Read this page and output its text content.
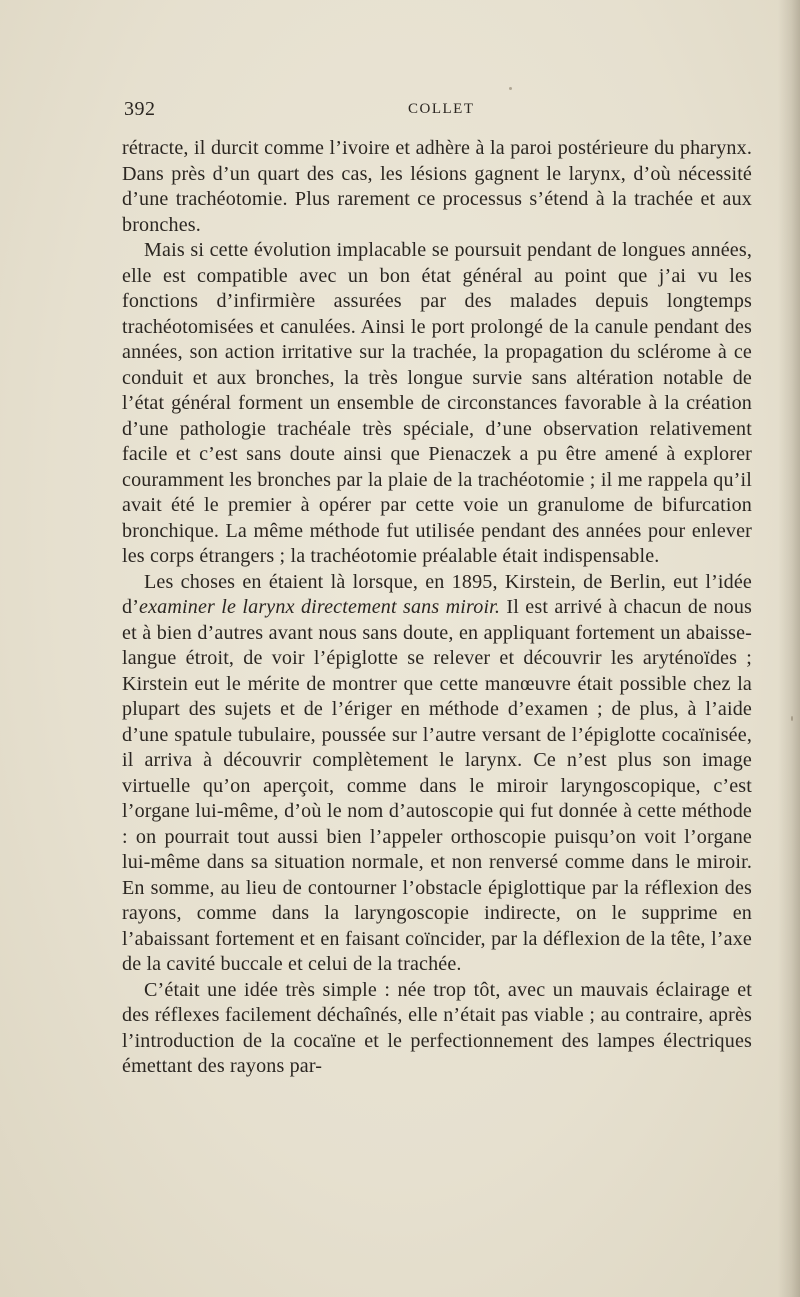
392	COLLET

rétracte, il durcit comme l’ivoire et adhère à la paroi postérieure du pharynx. Dans près d’un quart des cas, les lésions gagnent le larynx, d’où nécessité d’une trachéotomie. Plus rarement ce processus s’étend à la trachée et aux bronches.

Mais si cette évolution implacable se poursuit pendant de longues années, elle est compatible avec un bon état général au point que j’ai vu les fonctions d’infirmière assurées par des malades depuis longtemps trachéotomisées et canulées. Ainsi le port prolongé de la canule pendant des années, son action irritative sur la trachée, la propagation du sclérome à ce conduit et aux bronches, la très longue survie sans altération notable de l’état général forment un ensemble de circonstances favorable à la création d’une pathologie trachéale très spéciale, d’une observation relativement facile et c’est sans doute ainsi que Pienaczek a pu être amené à explorer couramment les bronches par la plaie de la trachéotomie ; il me rappela qu’il avait été le premier à opérer par cette voie un granulome de bifurcation bronchique. La même méthode fut utilisée pendant des années pour enlever les corps étrangers ; la trachéotomie préalable était indispensable.

Les choses en étaient là lorsque, en 1895, Kirstein, de Berlin, eut l’idée d’examiner le larynx directement sans miroir. Il est arrivé à chacun de nous et à bien d’autres avant nous sans doute, en appliquant fortement un abaisse-langue étroit, de voir l’épiglotte se relever et découvrir les aryténoïdes ; Kirstein eut le mérite de montrer que cette manœuvre était possible chez la plupart des sujets et de l’ériger en méthode d’examen ; de plus, à l’aide d’une spatule tubulaire, poussée sur l’autre versant de l’épiglotte cocaïnisée, il arriva à découvrir complètement le larynx. Ce n’est plus son image virtuelle qu’on aperçoit, comme dans le miroir laryngoscopique, c’est l’organe lui-même, d’où le nom d’autoscopie qui fut donnée à cette méthode : on pourrait tout aussi bien l’appeler orthoscopie puisqu’on voit l’organe lui-même dans sa situation normale, et non renversé comme dans le miroir. En somme, au lieu de contourner l’obstacle épiglottique par la réflexion des rayons, comme dans la laryngoscopie indirecte, on le supprime en l’abaissant fortement et en faisant coïncider, par la déflexion de la tête, l’axe de la cavité buccale et celui de la trachée.

C’était une idée très simple : née trop tôt, avec un mauvais éclairage et des réflexes facilement déchaînés, elle n’était pas viable ; au contraire, après l’introduction de la cocaïne et le perfectionnement des lampes électriques émettant des rayons par-
